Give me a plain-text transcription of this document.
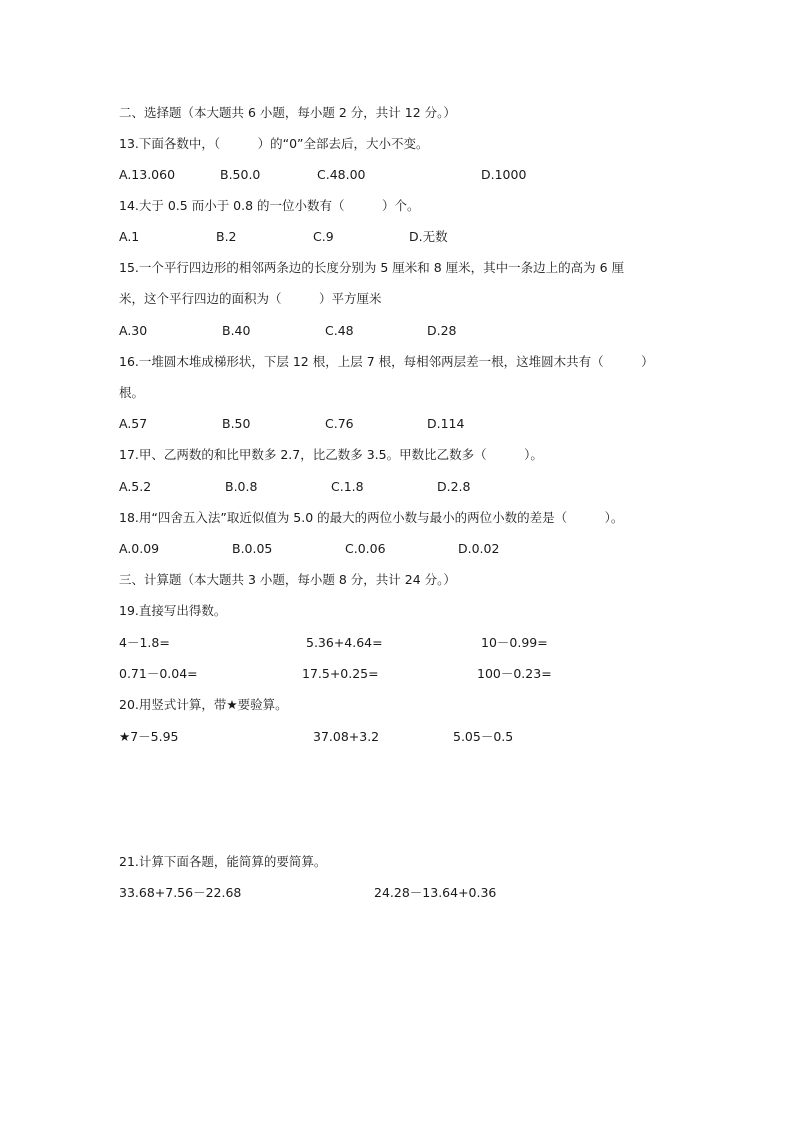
二、选择题（本大题共 6 小题，每小题 2 分，共计 12 分。）
13.下面各数中，（　　　）的“0”全部去后，大小不变。
A.13.060	B.50.0	C.48.00	D.1000
14.大于 0.5 而小于 0.8 的一位小数有（　　　）个。
A.1	B.2	C.9	D.无数
15.一个平行四边形的相邻两条边的长度分别为 5 厘米和 8 厘米，其中一条边上的高为 6 厘
米，这个平行四边的面积为（　　　）平方厘米
A.30	B.40	C.48	D.28
16.一堆圆木堆成梯形状，下层 12 根，上层 7 根，每相邻两层差一根，这堆圆木共有（　　　）
根。
A.57	B.50	C.76	D.114
17.甲、乙两数的和比甲数多 2.7，比乙数多 3.5。甲数比乙数多（　　　）。
A.5.2	B.0.8	C.1.8	D.2.8
18.用“四舍五入法”取近似值为 5.0 的最大的两位小数与最小的两位小数的差是（　　　）。
A.0.09	B.0.05	C.0.06	D.0.02
三、计算题（本大题共 3 小题，每小题 8 分，共计 24 分。）
19.直接写出得数。
4－1.8=	5.36+4.64=	10－0.99=
0.71－0.04=	17.5+0.25=	100－0.23=
20.用竖式计算，带★要验算。
★7－5.95	37.08+3.2	5.05－0.5
21.计算下面各题，能简算的要简算。
33.68+7.56－22.68	24.28－13.64+0.36
